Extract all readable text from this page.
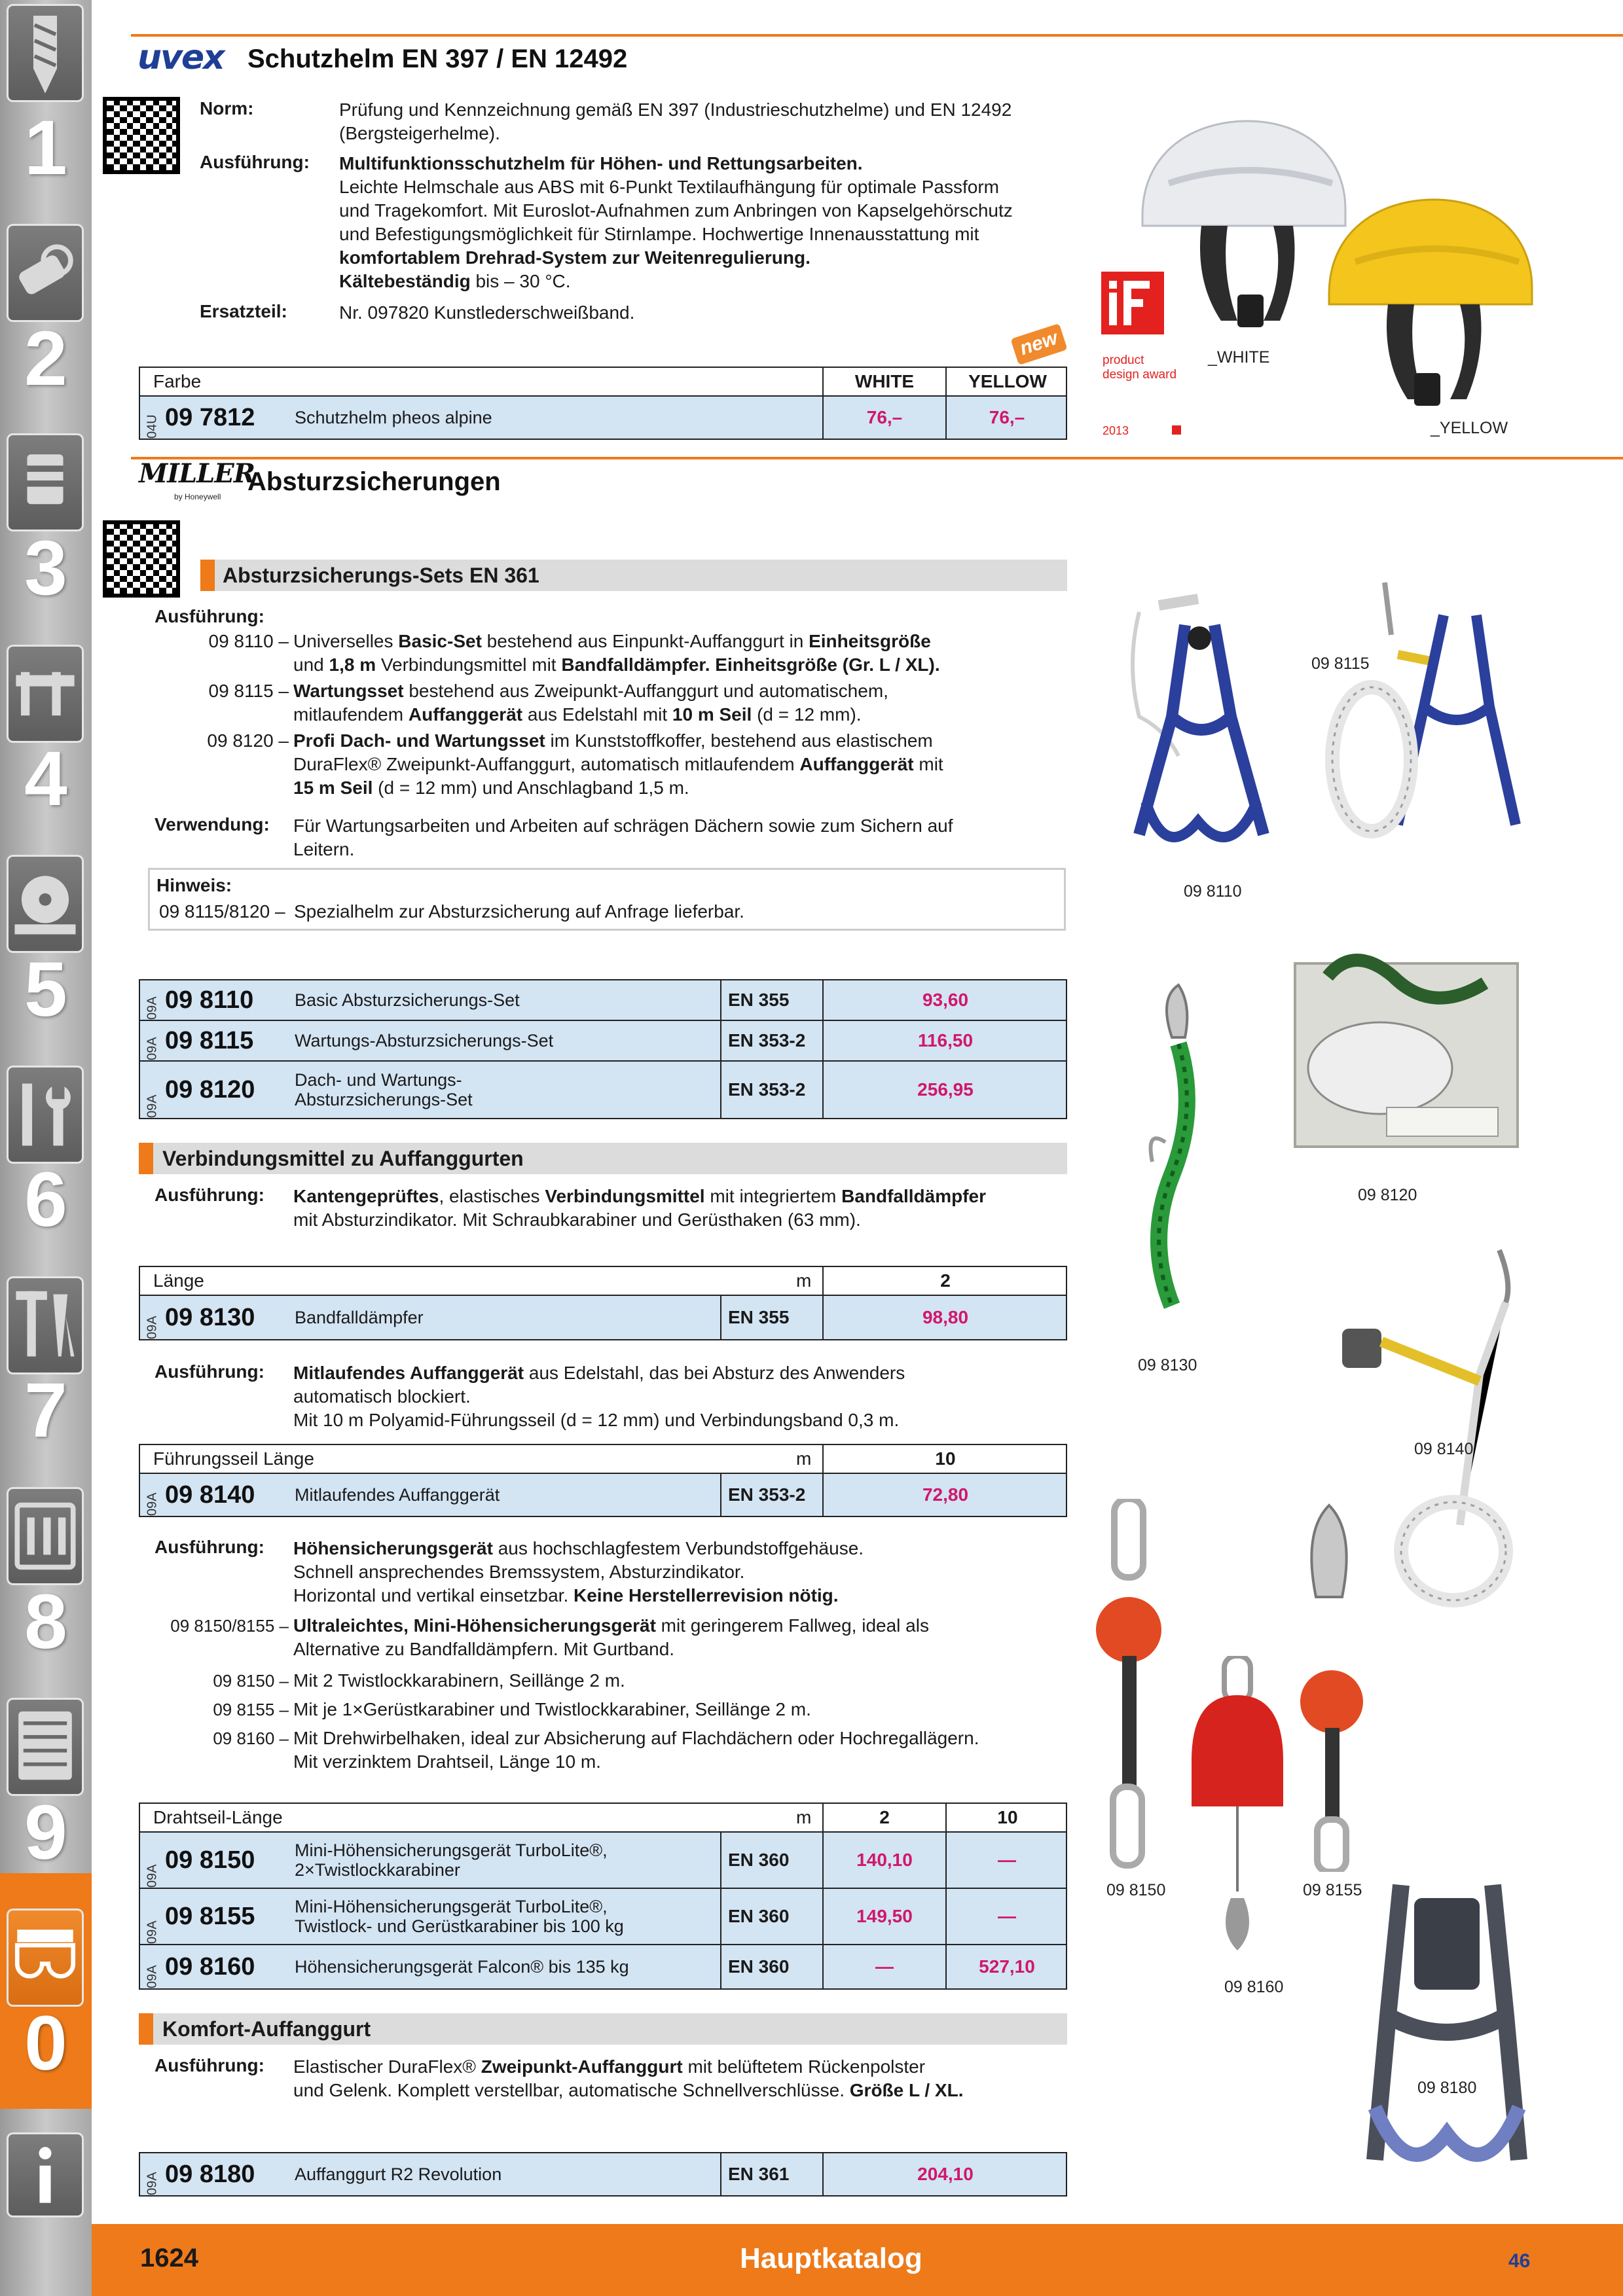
1
2
3
4
5
6
7
8
9
0
uvex Schutzhelm EN 397 / EN 12492
Norm:	Prüfung und Kennzeichnung gemäß EN 397 (Industrieschutzhelme) und EN 12492 (Bergsteigerhelme).
Ausführung: Multifunktionsschutzhelm für Höhen- und Rettungsarbeiten.
Leichte Helmschale aus ABS mit 6-Punkt Textilaufhängung für optimale Passform
und Tragekomfort. Mit Euroslot-Aufnahmen zum Anbringen von Kapselgehörschutz
und Befestigungsmöglichkeit für Stirnlampe. Hochwertige Innenausstattung mit
komfortablem Drehrad-System zur Weitenregulierung.
Kältebeständig bis – 30 °C.
Ersatzteil:	Nr. 097820 Kunstlederschweißband.
new
Farbe	WHITE	YELLOW
04U 09 7812 Schutzhelm pheos alpine	76,–	76,–
product
design award
2013
_WHITE
_YELLOW
MILLER
by Honeywell
Absturzsicherungen
Absturzsicherungs-Sets EN 361
Ausführung:
09 8110 – Universelles Basic-Set bestehend aus Einpunkt-Auffanggurt in Einheitsgröße
und 1,8 m Verbindungsmittel mit Bandfalldämpfer. Einheitsgröße (Gr. L / XL).
09 8115 – Wartungsset bestehend aus Zweipunkt-Auffanggurt und automatischem,
mitlaufendem Auffanggerät aus Edelstahl mit 10 m Seil (d = 12 mm).
09 8120 – Profi Dach- und Wartungsset im Kunststoffkoffer, bestehend aus elastischem
DuraFlex® Zweipunkt-Auffanggurt, automatisch mitlaufendem Auffanggerät mit
15 m Seil (d = 12 mm) und Anschlagband 1,5 m.
Verwendung: Für Wartungsarbeiten und Arbeiten auf schrägen Dächern sowie zum Sichern auf
Leitern.
Hinweis:
09 8115/8120 – Spezialhelm zur Absturzsicherung auf Anfrage lieferbar.
09A 09 8110 Basic Absturzsicherungs-Set	EN 355	93,60
09A 09 8115 Wartungs-Absturzsicherungs-Set	EN 353-2	116,50
09A
09 8120 Dach- und Wartungs-
Absturzsicherungs-Set	EN 353-2	256,95
Verbindungsmittel zu Auffanggurten
Ausführung: Kantengeprüftes, elastisches Verbindungsmittel mit integriertem Bandfalldämpfer
mit Absturzindikator. Mit Schraubkarabiner und Gerüsthaken (63 mm).
Länge	m	2
09A 09 8130 Bandfalldämpfer	EN 355	98,80
Ausführung: Mitlaufendes Auffanggerät aus Edelstahl, das bei Absturz des Anwenders
automatisch blockiert.
Mit 10 m Polyamid-Führungsseil (d = 12 mm) und Verbindungsband 0,3 m.
Führungsseil Länge	m	10
09A 09 8140 Mitlaufendes Auffanggerät	EN 353-2	72,80
Ausführung: Höhensicherungsgerät aus hochschlagfestem Verbundstoffgehäuse.
Schnell ansprechendes Bremssystem, Absturzindikator.
Horizontal und vertikal einsetzbar. Keine Herstellerrevision nötig.
09 8150/8155 – Ultraleichtes, Mini-Höhensicherungsgerät mit geringerem Fallweg, ideal als
Alternative zu Bandfalldämpfern. Mit Gurtband.
09 8150 – Mit 2 Twistlockkarabinern, Seillänge 2 m.
09 8155 – Mit je 1×Gerüstkarabiner und Twistlockkarabiner, Seillänge 2 m.
09 8160 – Mit Drehwirbelhaken, ideal zur Absicherung auf Flachdächern oder Hochregallägern.
Mit verzinktem Drahtseil, Länge 10 m.
Drahtseil-Länge	m	2	10
09A
09 8150 Mini-Höhensicherungsgerät TurboLite®,
2×Twistlockkarabiner	EN 360	140,10	—
09A
09 8155 Mini-Höhensicherungsgerät TurboLite®,
Twistlock- und Gerüstkarabiner bis 100 kg	EN 360	149,50	—
09A 09 8160 Höhensicherungsgerät Falcon® bis 135 kg	EN 360	—	527,10
Komfort-Auffanggurt
Ausführung: Elastischer DuraFlex® Zweipunkt-Auffanggurt mit belüftetem Rückenpolster
und Gelenk. Komplett verstellbar, automatische Schnellverschlüsse. Größe L / XL.
09A 09 8180 Auffanggurt R2 Revolution	EN 361	204,10
09 8110
09 8115
09 8120
09 8130
09 8140
09 8150
09 8160
09 8155
09 8180
1624	Hauptkatalog	46
